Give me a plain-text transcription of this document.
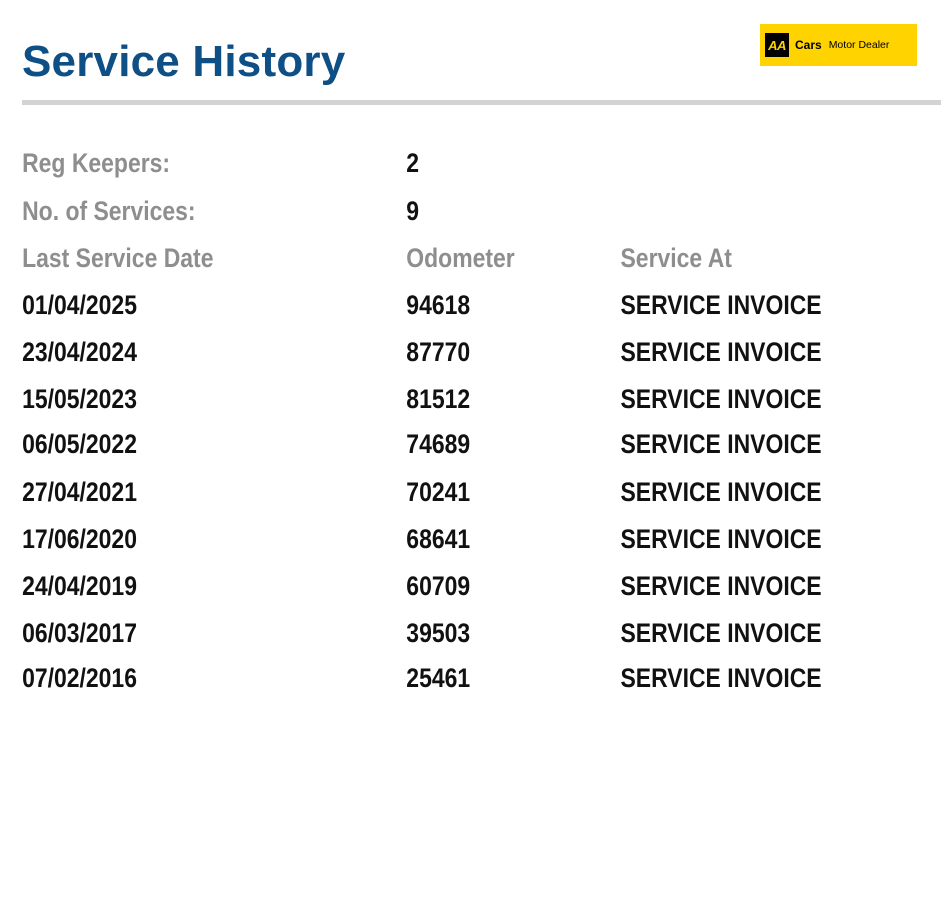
Service History	AA Cars Motor Dealer
Reg Keepers:	2
No. of Services:	9
Last Service Date	Odometer	Service At
01/04/2025	94618	SERVICE INVOICE
23/04/2024	87770	SERVICE INVOICE
15/05/2023	81512	SERVICE INVOICE
06/05/2022	74689	SERVICE INVOICE
27/04/2021	70241	SERVICE INVOICE
17/06/2020	68641	SERVICE INVOICE
24/04/2019	60709	SERVICE INVOICE
06/03/2017	39503	SERVICE INVOICE
07/02/2016	25461	SERVICE INVOICE
